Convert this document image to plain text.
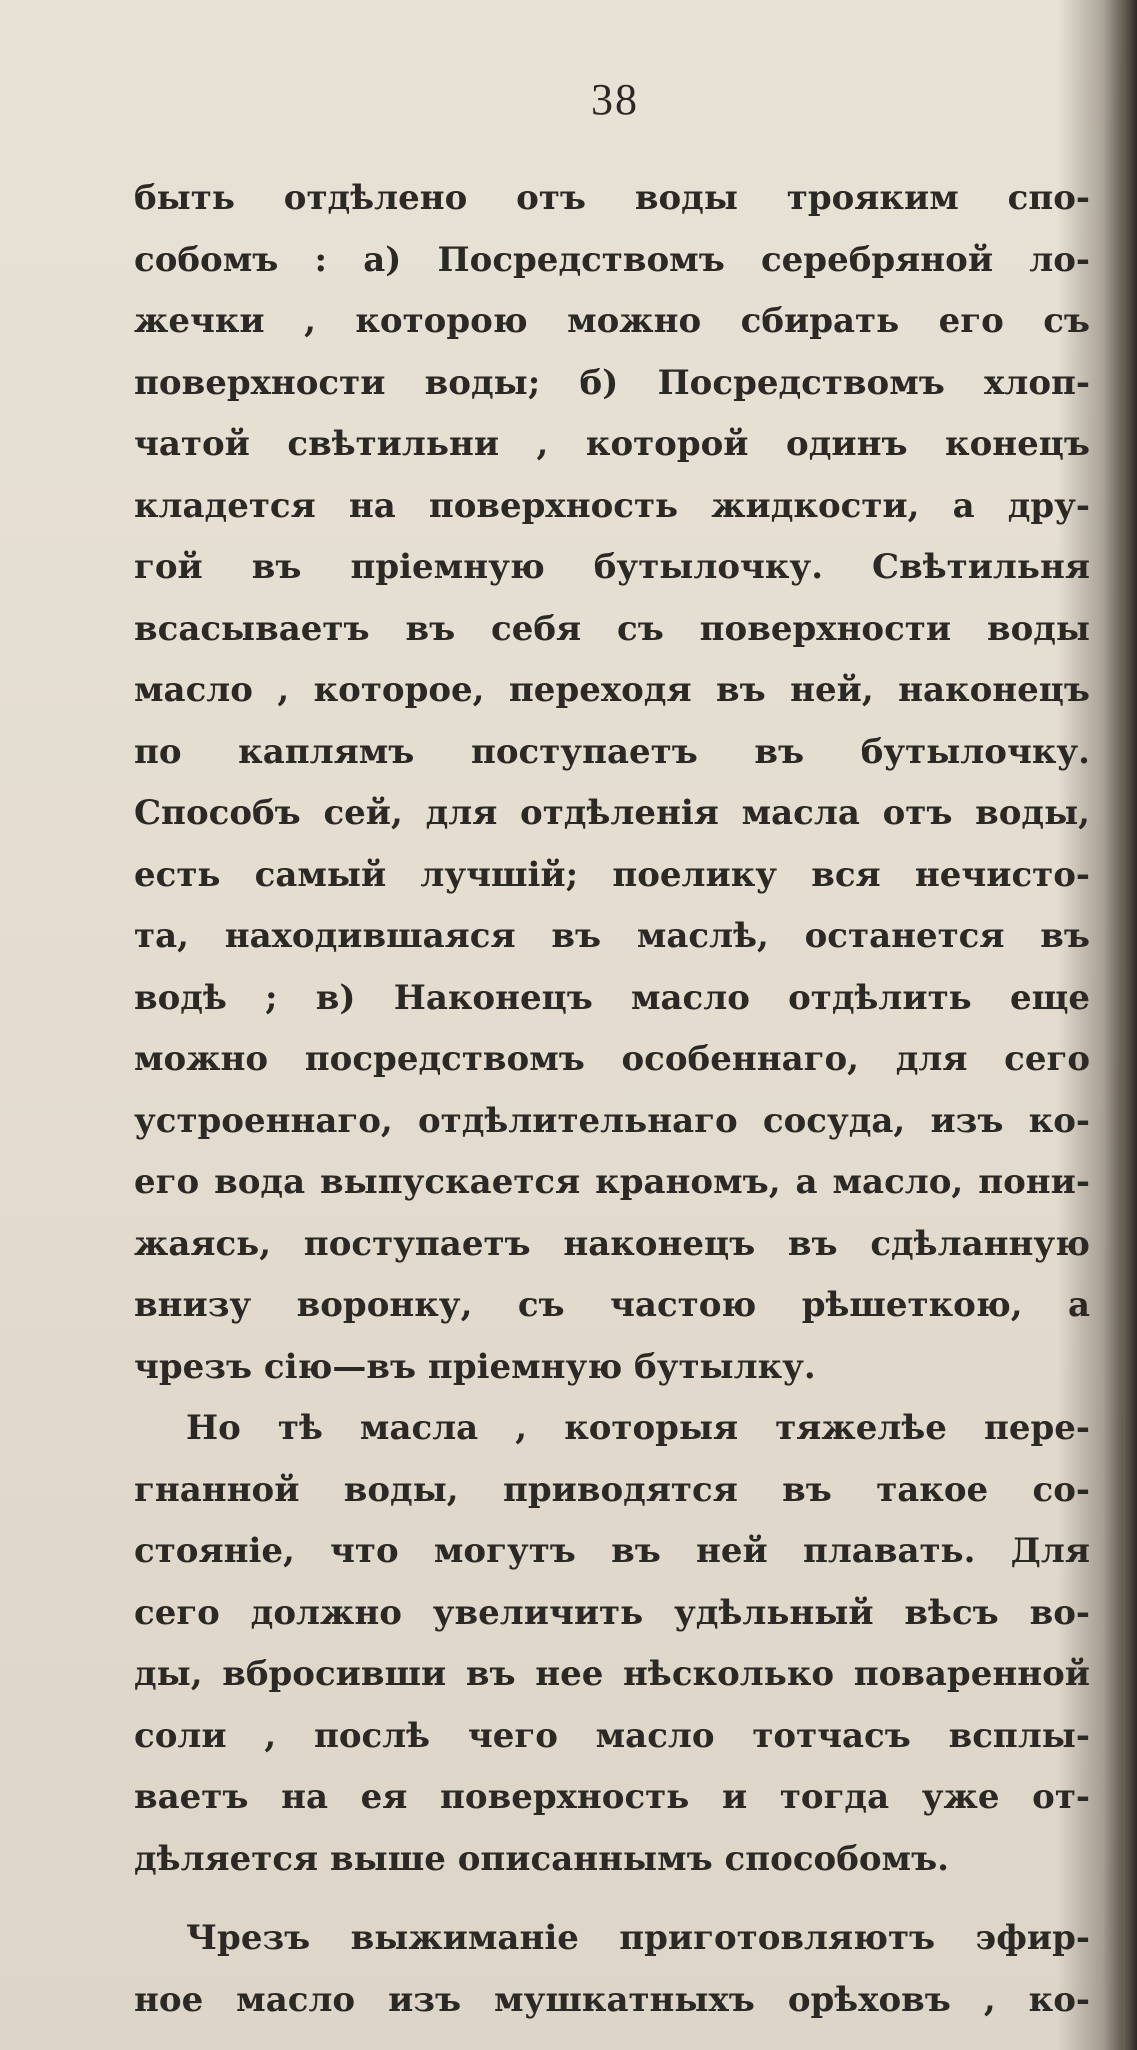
38
быть отдѣлено отъ воды трояким спо-
собомъ : а) Посредствомъ серебряной ло-
жечки , которою можно сбирать его съ
поверхности воды; б) Посредствомъ хлоп-
чатой свѣтильни , которой одинъ конецъ
кладется на поверхность жидкости, а дру-
гой въ пріемную бутылочку. Свѣтильня
всасываетъ въ себя съ поверхности воды
масло , которое, переходя въ ней, наконецъ
по каплямъ поступаетъ въ бутылочку.
Способъ сей, для отдѣленія масла отъ воды,
есть самый лучшій; поелику вся нечисто-
та, находившаяся въ маслѣ, останется въ
водѣ ; в) Наконецъ масло отдѣлить еще
можно посредствомъ особеннаго, для сего
устроеннаго, отдѣлительнаго сосуда, изъ ко-
его вода выпускается краномъ, а масло, пони-
жаясь, поступаетъ наконецъ въ сдѣланную
внизу воронку, съ частою рѣшеткою, а
чрезъ сію—въ пріемную бутылку.
Но тѣ масла , которыя тяжелѣе пере-
гнанной воды, приводятся въ такое со-
стояніе, что могутъ въ ней плавать. Для
сего должно увеличить удѣльный вѣсъ во-
ды, вбросивши въ нее нѣсколько поваренной
соли , послѣ чего масло тотчасъ всплы-
ваетъ на ея поверхность и тогда уже от-
дѣляется выше описаннымъ способомъ.
Чрезъ выжиманіе приготовляютъ эфир-
ное масло изъ мушкатныхъ орѣховъ , ко-
